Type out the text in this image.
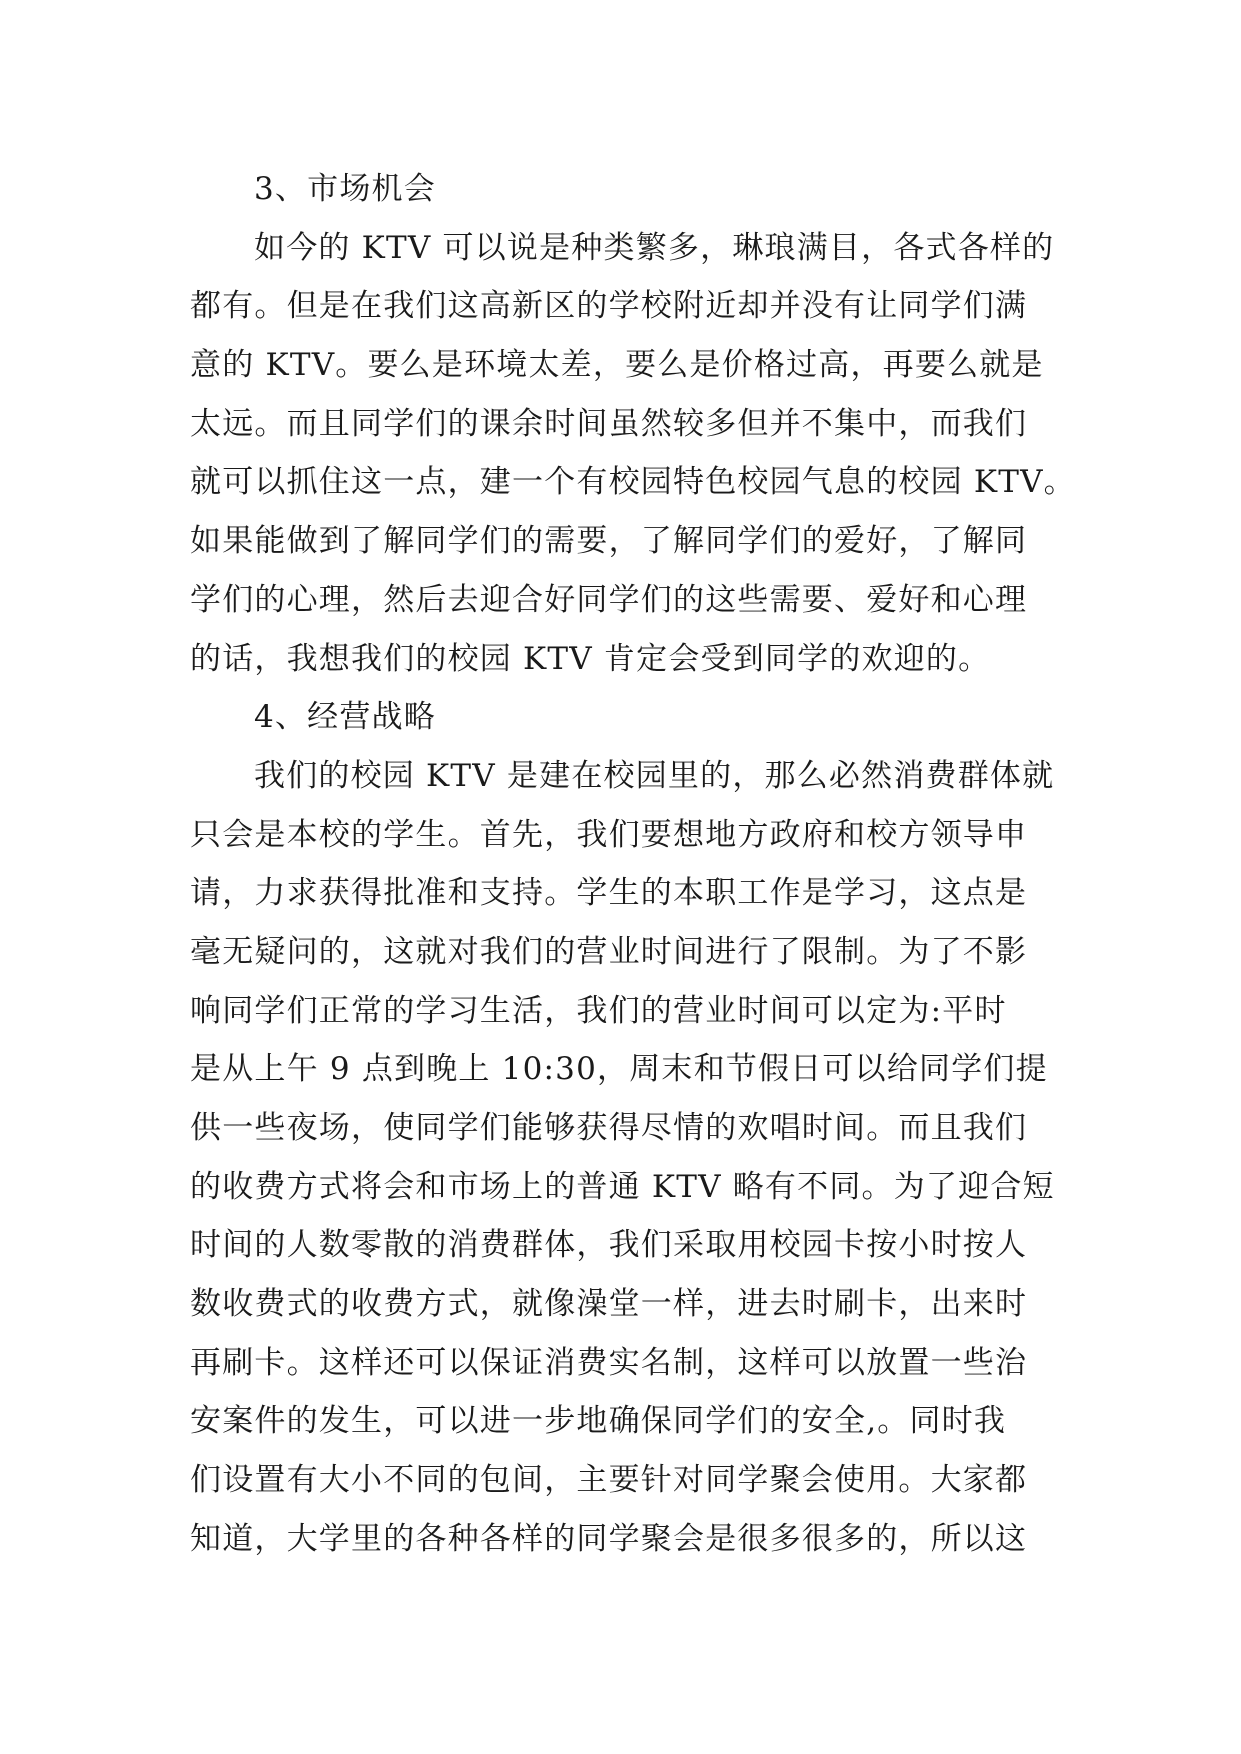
3、市场机会
如今的 KTV 可以说是种类繁多，琳琅满目，各式各样的
都有。但是在我们这高新区的学校附近却并没有让同学们满
意的 KTV。要么是环境太差，要么是价格过高，再要么就是
太远。而且同学们的课余时间虽然较多但并不集中，而我们
就可以抓住这一点，建一个有校园特色校园气息的校园 KTV。
如果能做到了解同学们的需要，了解同学们的爱好，了解同
学们的心理，然后去迎合好同学们的这些需要、爱好和心理
的话，我想我们的校园 KTV 肯定会受到同学的欢迎的。
4、经营战略
我们的校园 KTV 是建在校园里的，那么必然消费群体就
只会是本校的学生。首先，我们要想地方政府和校方领导申
请，力求获得批准和支持。学生的本职工作是学习，这点是
毫无疑问的，这就对我们的营业时间进行了限制。为了不影
响同学们正常的学习生活，我们的营业时间可以定为:平时
是从上午 9 点到晚上 10:30，周末和节假日可以给同学们提
供一些夜场，使同学们能够获得尽情的欢唱时间。而且我们
的收费方式将会和市场上的普通 KTV 略有不同。为了迎合短
时间的人数零散的消费群体，我们采取用校园卡按小时按人
数收费式的收费方式，就像澡堂一样，进去时刷卡，出来时
再刷卡。这样还可以保证消费实名制，这样可以放置一些治
安案件的发生，可以进一步地确保同学们的安全,。同时我
们设置有大小不同的包间，主要针对同学聚会使用。大家都
知道，大学里的各种各样的同学聚会是很多很多的，所以这
